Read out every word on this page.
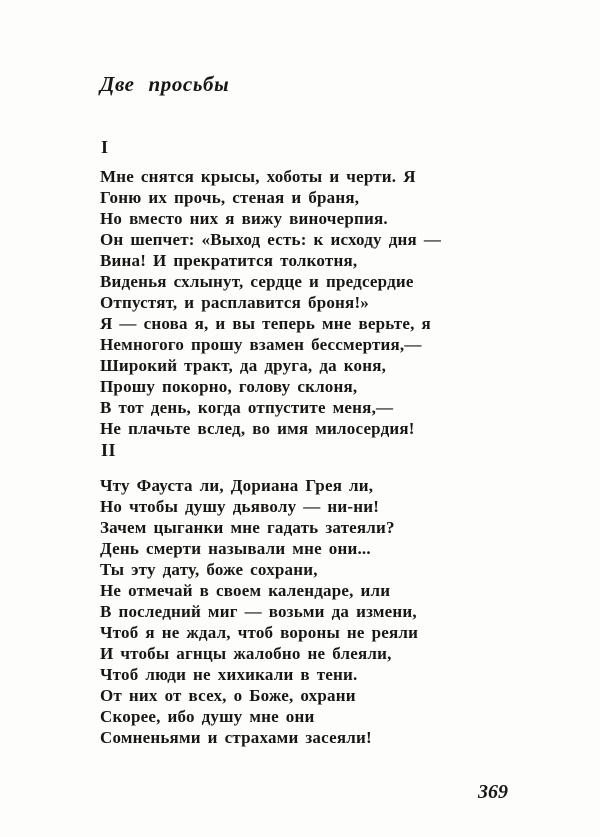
Две просьбы
I
Мне снятся крысы, хоботы и черти. Я
Гоню их прочь, стеная и браня,
Но вместо них я вижу виночерпия.
Он шепчет: «Выход есть: к исходу дня —
Вина! И прекратится толкотня,
Виденья схлынут, сердце и предсердие
Отпустят, и расплавится броня!»
Я — снова я, и вы теперь мне верьте, я
Немногого прошу взамен бессмертия,—
Широкий тракт, да друга, да коня,
Прошу покорно, голову склоня,
В тот день, когда отпустите меня,—
Не плачьте вслед, во имя милосердия!
II
Чту Фауста ли, Дориана Грея ли,
Но чтобы душу дьяволу — ни-ни!
Зачем цыганки мне гадать затеяли?
День смерти называли мне они...
Ты эту дату, боже сохрани,
Не отмечай в своем календаре, или
В последний миг — возьми да измени,
Чтоб я не ждал, чтоб вороны не реяли
И чтобы агнцы жалобно не блеяли,
Чтоб люди не хихикали в тени.
От них от всех, о Боже, охрани
Скорее, ибо душу мне они
Сомненьями и страхами засеяли!
369
